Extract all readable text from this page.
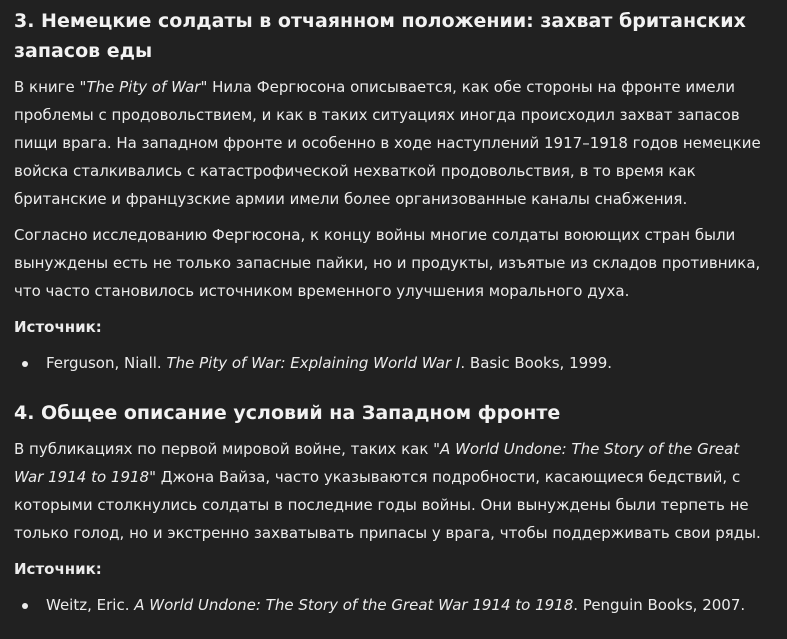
3. Немецкие солдаты в отчаянном положении: захват британских запасов еды

В книге "The Pity of War" Нила Фергюсона описывается, как обе стороны на фронте имели проблемы с продовольствием, и как в таких ситуациях иногда происходил захват запасов пищи врага. На западном фронте и особенно в ходе наступлений 1917–1918 годов немецкие войска сталкивались с катастрофической нехваткой продовольствия, в то время как британские и французские армии имели более организованные каналы снабжения.

Согласно исследованию Фергюсона, к концу войны многие солдаты воюющих стран были вынуждены есть не только запасные пайки, но и продукты, изъятые из складов противника, что часто становилось источником временного улучшения морального духа.

Источник:
Ferguson, Niall. The Pity of War: Explaining World War I. Basic Books, 1999.
4. Общее описание условий на Западном фронте

В публикациях по первой мировой войне, таких как "A World Undone: The Story of the Great War 1914 to 1918" Джона Вайза, часто указываются подробности, касающиеся бедствий, с которыми столкнулись солдаты в последние годы войны. Они вынуждены были терпеть не только голод, но и экстренно захватывать припасы у врага, чтобы поддерживать свои ряды.

Источник:
Weitz, Eric. A World Undone: The Story of the Great War 1914 to 1918. Penguin Books, 2007.
